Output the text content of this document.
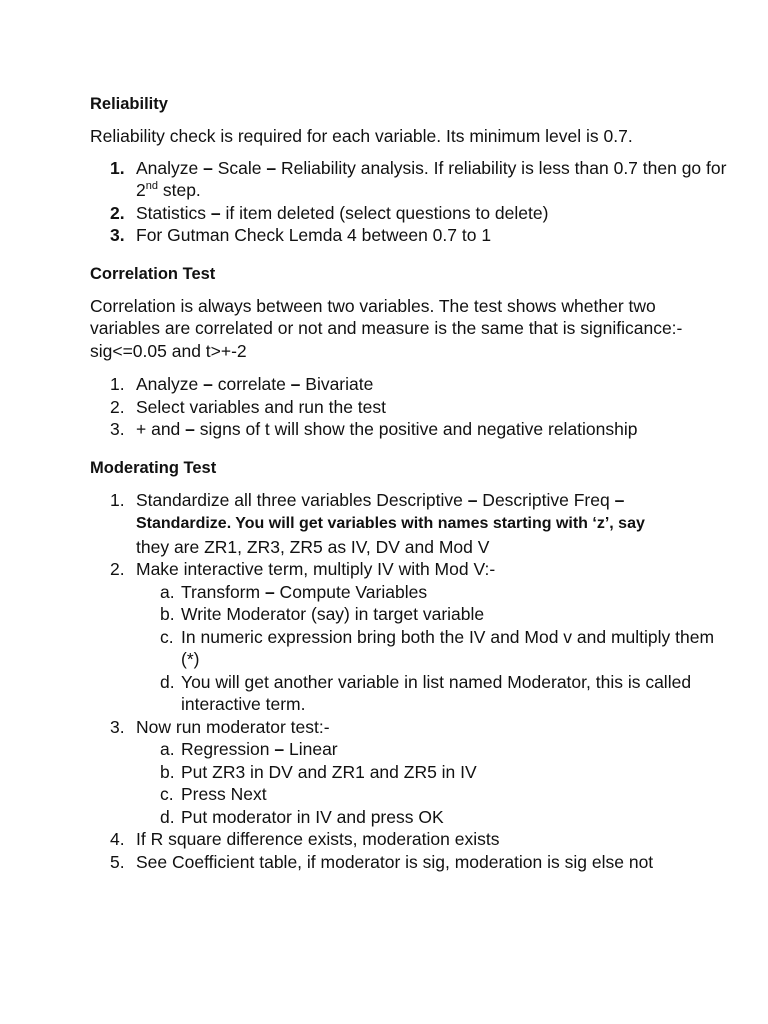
Reliability

Reliability check is required for each variable. Its minimum level is 0.7.

1. Analyze – Scale – Reliability analysis. If reliability is less than 0.7 then go for 2nd step.
2. Statistics – if item deleted (select questions to delete)
3. For Gutman Check Lemda 4 between 0.7 to 1
Correlation Test

Correlation is always between two variables. The test shows whether two variables are correlated or not and measure is the same that is significance:- sig<=0.05 and t>+-2

1. Analyze – correlate – Bivariate
2. Select variables and run the test
3. + and – signs of t will show the positive and negative relationship
Moderating Test
1. Standardize all three variables Descriptive – Descriptive Freq –
Standardize. You will get variables with names starting with ‘z’, say
they are ZR1, ZR3, ZR5 as IV, DV and Mod V
2. Make interactive term, multiply IV with Mod V:-
a. Transform – Compute Variables
b. Write Moderator (say) in target variable
c. In numeric expression bring both the IV and Mod v and multiply them (*)
d. You will get another variable in list named Moderator, this is called interactive term.
3. Now run moderator test:-
a. Regression – Linear
b. Put ZR3 in DV and ZR1 and ZR5 in IV
c. Press Next
d. Put moderator in IV and press OK
4. If R square difference exists, moderation exists
5. See Coefficient table, if moderator is sig, moderation is sig else not
